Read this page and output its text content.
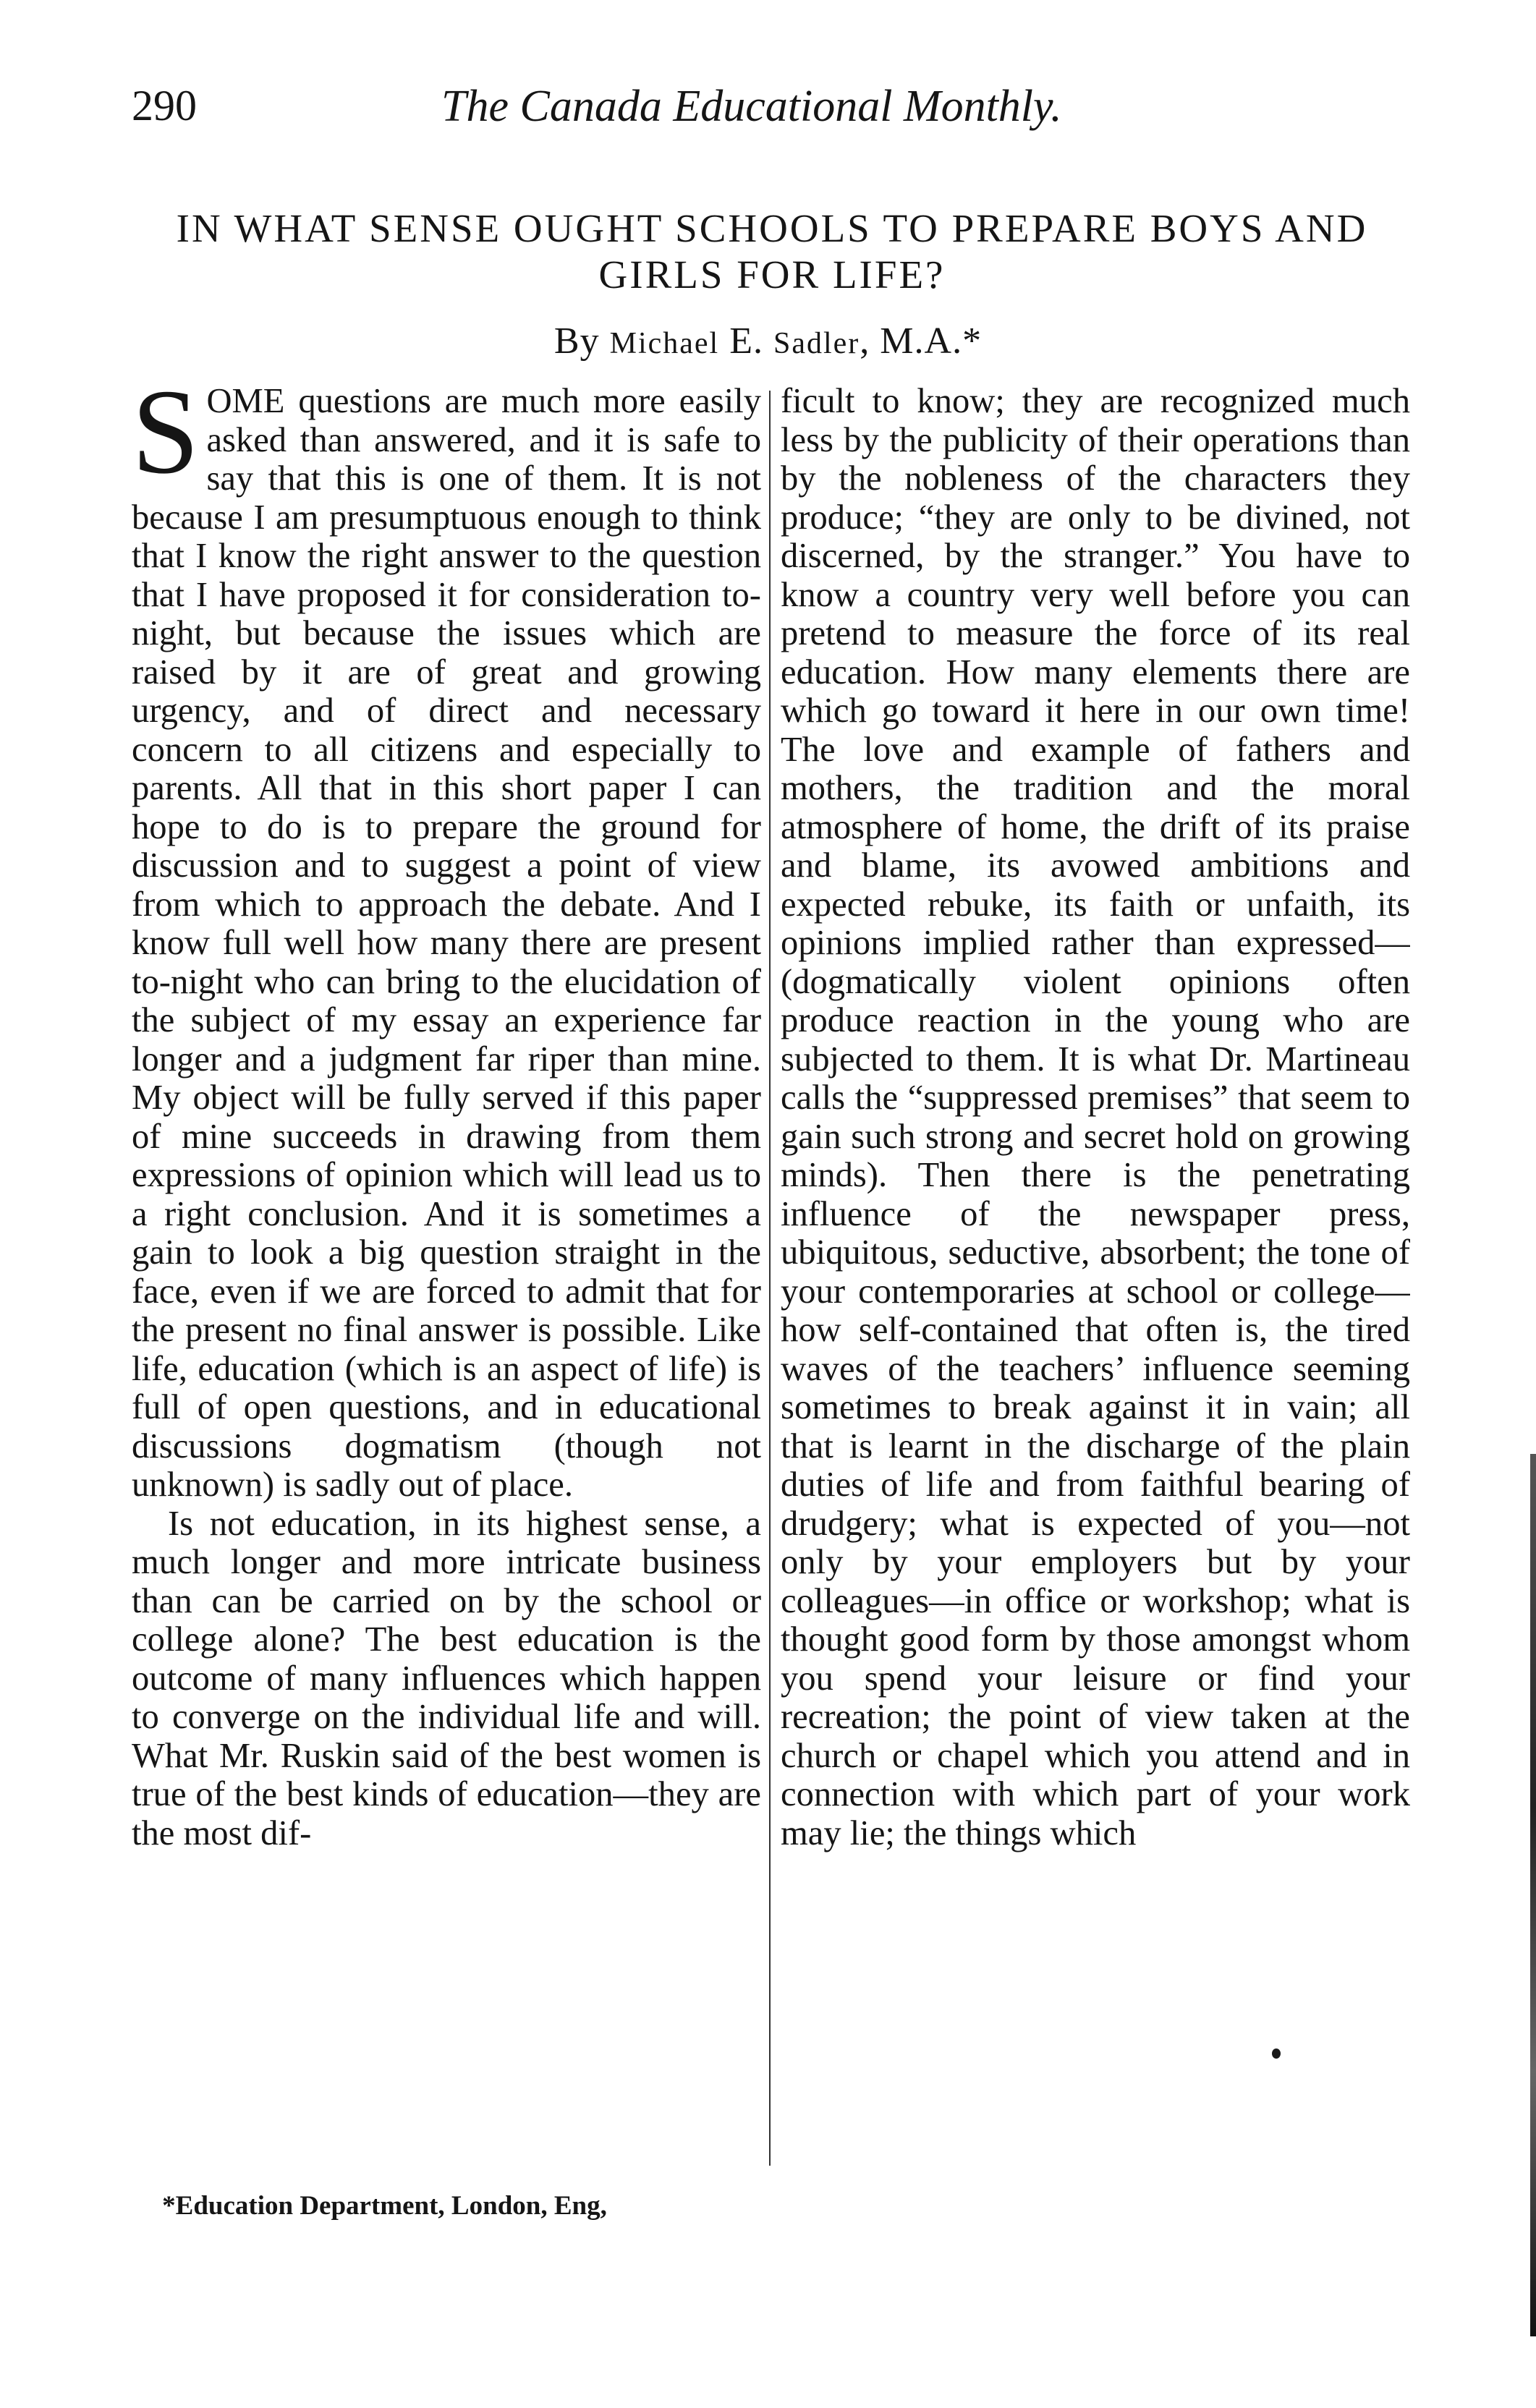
290	The Canada Educational Monthly.
IN WHAT SENSE OUGHT SCHOOLS TO PREPARE BOYS AND GIRLS FOR LIFE?
By Michael E. Sadler, M.A.*

SOME questions are much more easily asked than answered, and it is safe to say that this is one of them. It is not because I am presumptuous enough to think that I know the right answer to the question that I have proposed it for consideration to-night, but because the issues which are raised by it are of great and growing urgency, and of direct and necessary concern to all citizens and especially to parents. All that in this short paper I can hope to do is to prepare the ground for discussion and to suggest a point of view from which to approach the debate. And I know full well how many there are present to-night who can bring to the elucidation of the subject of my essay an experience far longer and a judgment far riper than mine. My object will be fully served if this paper of mine succeeds in drawing from them expressions of opinion which will lead us to a right conclusion. And it is sometimes a gain to look a big question straight in the face, even if we are forced to admit that for the present no final answer is possible. Like life, education (which is an aspect of life) is full of open questions, and in educational discussions dogmatism (though not unknown) is sadly out of place.

Is not education, in its highest sense, a much longer and more intricate business than can be carried on by the school or college alone? The best education is the outcome of many influences which happen to converge on the individual life and will. What Mr. Ruskin said of the best women is true of the best kinds of education—they are the most dif-

ficult to know; they are recognized much less by the publicity of their operations than by the nobleness of the characters they produce; “they are only to be divined, not discerned, by the stranger.” You have to know a country very well before you can pretend to measure the force of its real education. How many elements there are which go toward it here in our own time! The love and example of fathers and mothers, the tradition and the moral atmosphere of home, the drift of its praise and blame, its avowed ambitions and expected rebuke, its faith or unfaith, its opinions implied rather than expressed—(dogmatically violent opinions often produce reaction in the young who are subjected to them. It is what Dr. Martineau calls the “suppressed premises” that seem to gain such strong and secret hold on growing minds). Then there is the penetrating influence of the newspaper press, ubiquitous, seductive, absorbent; the tone of your contemporaries at school or college—how self-contained that often is, the tired waves of the teachers’ influence seeming sometimes to break against it in vain; all that is learnt in the discharge of the plain duties of life and from faithful bearing of drudgery; what is expected of you—not only by your employers but by your colleagues—in office or workshop; what is thought good form by those amongst whom you spend your leisure or find your recreation; the point of view taken at the church or chapel which you attend and in connection with which part of your work may lie; the things which

*Education Department, London, Eng,
